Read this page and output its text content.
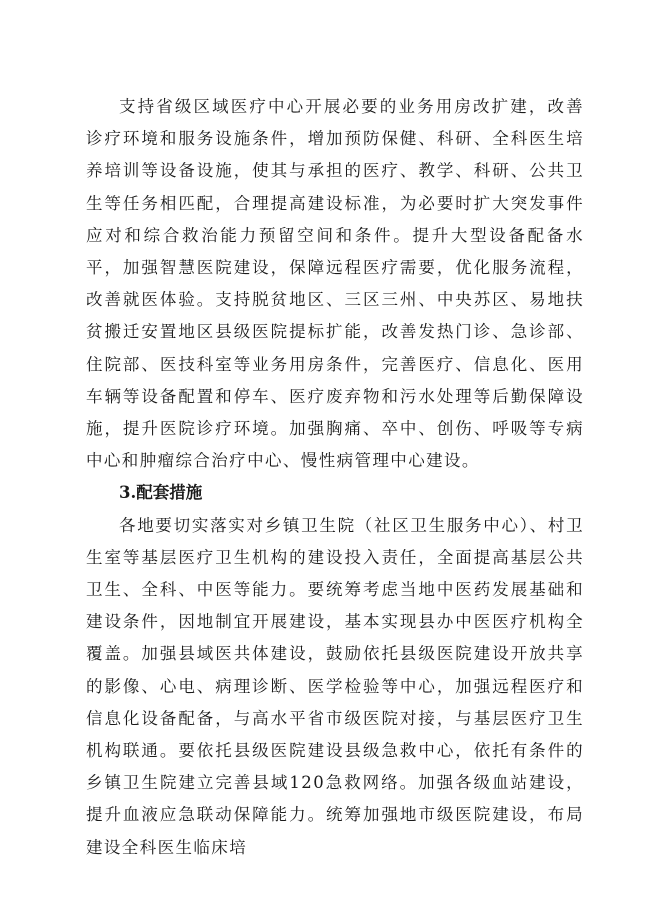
支持省级区域医疗中心开展必要的业务用房改扩建，改善诊疗环境和服务设施条件，增加预防保健、科研、全科医生培养培训等设备设施，使其与承担的医疗、教学、科研、公共卫生等任务相匹配，合理提高建设标准，为必要时扩大突发事件应对和综合救治能力预留空间和条件。提升大型设备配备水平，加强智慧医院建设，保障远程医疗需要，优化服务流程，改善就医体验。支持脱贫地区、三区三州、中央苏区、易地扶贫搬迁安置地区县级医院提标扩能，改善发热门诊、急诊部、住院部、医技科室等业务用房条件，完善医疗、信息化、医用车辆等设备配置和停车、医疗废弃物和污水处理等后勤保障设施，提升医院诊疗环境。加强胸痛、卒中、创伤、呼吸等专病中心和肿瘤综合治疗中心、慢性病管理中心建设。

3.配套措施

各地要切实落实对乡镇卫生院（社区卫生服务中心）、村卫生室等基层医疗卫生机构的建设投入责任，全面提高基层公共卫生、全科、中医等能力。要统筹考虑当地中医药发展基础和建设条件，因地制宜开展建设，基本实现县办中医医疗机构全覆盖。加强县域医共体建设，鼓励依托县级医院建设开放共享的影像、心电、病理诊断、医学检验等中心，加强远程医疗和信息化设备配备，与高水平省市级医院对接，与基层医疗卫生机构联通。要依托县级医院建设县级急救中心，依托有条件的乡镇卫生院建立完善县域120急救网络。加强各级血站建设，提升血液应急联动保障能力。统筹加强地市级医院建设，布局建设全科医生临床培
